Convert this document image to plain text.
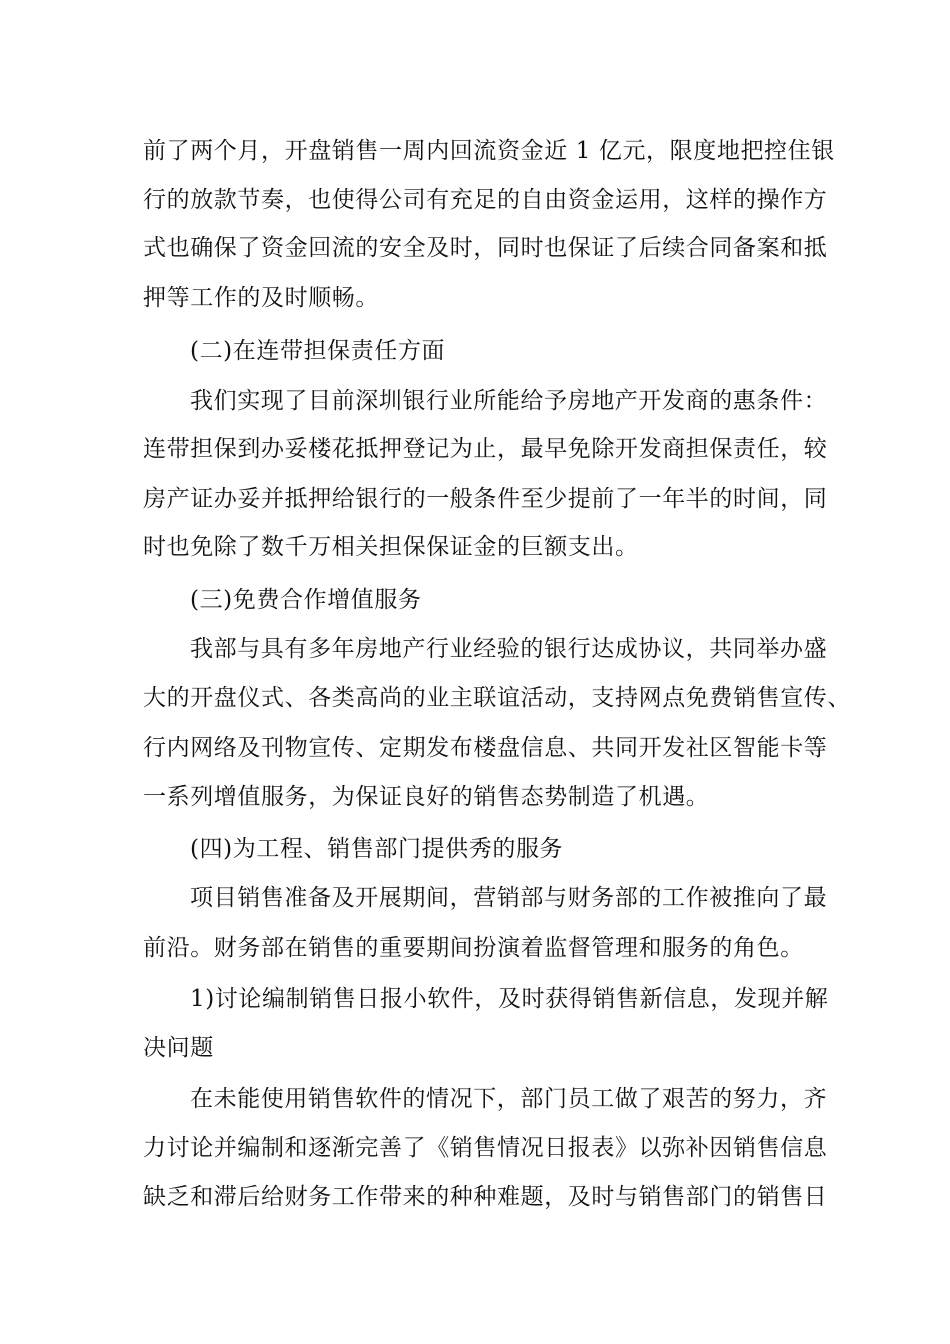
前了两个月，开盘销售一周内回流资金近 1 亿元，限度地把控住银
行的放款节奏，也使得公司有充足的自由资金运用，这样的操作方
式也确保了资金回流的安全及时，同时也保证了后续合同备案和抵
押等工作的及时顺畅。
(二)在连带担保责任方面
我们实现了目前深圳银行业所能给予房地产开发商的惠条件：
连带担保到办妥楼花抵押登记为止，最早免除开发商担保责任，较
房产证办妥并抵押给银行的一般条件至少提前了一年半的时间，同
时也免除了数千万相关担保保证金的巨额支出。
(三)免费合作增值服务
我部与具有多年房地产行业经验的银行达成协议，共同举办盛
大的开盘仪式、各类高尚的业主联谊活动，支持网点免费销售宣传、
行内网络及刊物宣传、定期发布楼盘信息、共同开发社区智能卡等
一系列增值服务，为保证良好的销售态势制造了机遇。
(四)为工程、销售部门提供秀的服务
项目销售准备及开展期间，营销部与财务部的工作被推向了最
前沿。财务部在销售的重要期间扮演着监督管理和服务的角色。
1)讨论编制销售日报小软件，及时获得销售新信息，发现并解
决问题
在未能使用销售软件的情况下，部门员工做了艰苦的努力，齐
力讨论并编制和逐渐完善了《销售情况日报表》以弥补因销售信息
缺乏和滞后给财务工作带来的种种难题，及时与销售部门的销售日
